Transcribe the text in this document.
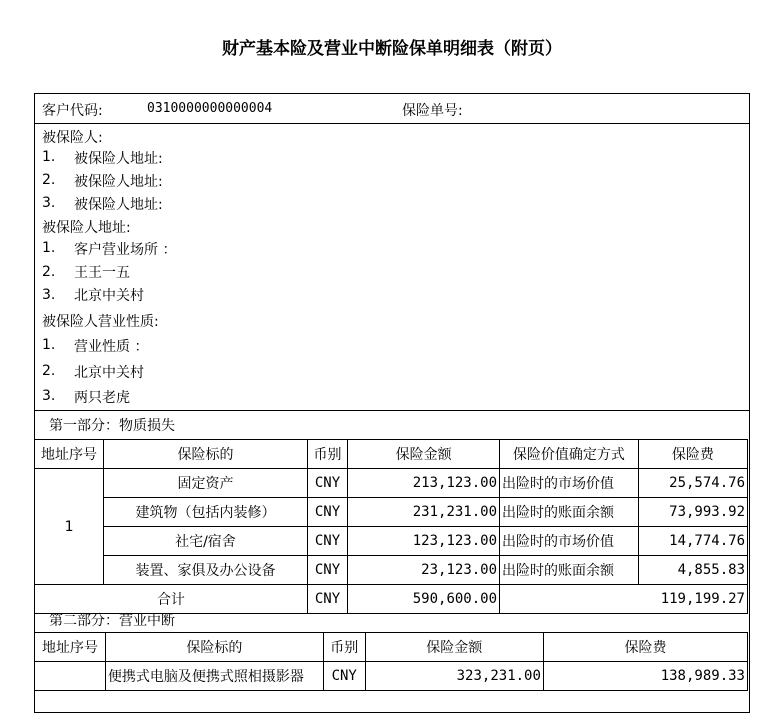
财产基本险及营业中断险保单明细表（附页）
客户代码:	0310000000000004	保险单号:
被保险人:
1. 被保险人地址:
2. 被保险人地址:
3. 被保险人地址:
被保险人地址:
1. 客户营业场所 ：
2. 王王一五
3. 北京中关村
被保险人营业性质:
1. 营业性质 ：
2. 北京中关村
3. 两只老虎
第一部分：物质损失
地址序号	保险标的	币别	保险金额	保险价值确定方式	保险费
1	固定资产	CNY	213,123.00	出险时的市场价值	25,574.76
	建筑物（包括内装修）	CNY	231,231.00	出险时的账面余额	73,993.92
	社宅/宿舍	CNY	123,123.00	出险时的市场价值	14,774.76
	装置、家俱及办公设备	CNY	23,123.00	出险时的账面余额	4,855.83
合计		CNY	590,600.00	119,199.27	
第二部分：营业中断
地址序号	保险标的	币别	保险金额	保险费
	便携式电脑及便携式照相摄影器	CNY	323,231.00	138,989.33
